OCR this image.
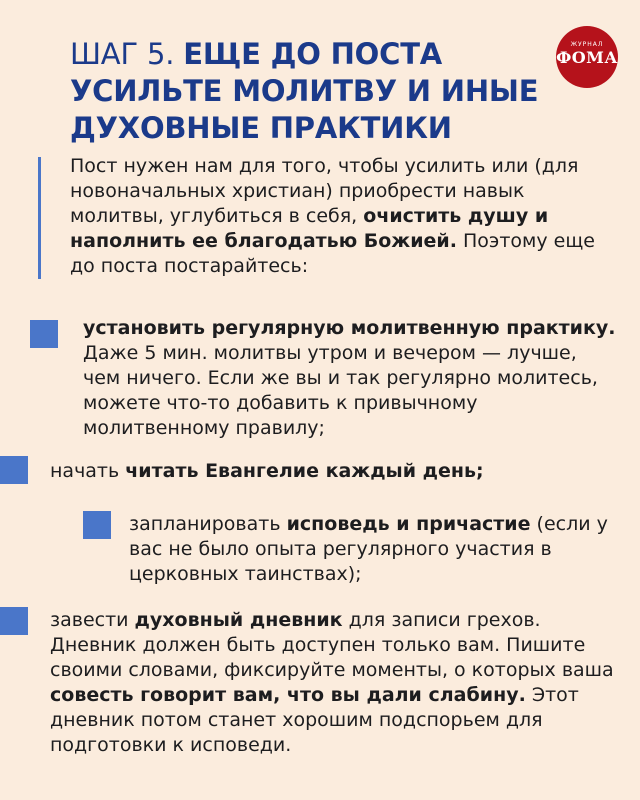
ШАГ 5. ЕЩЕ ДО ПОСТА УСИЛЬТЕ МОЛИТВУ И ИНЫЕ ДУХОВНЫЕ ПРАКТИКИ
ЖУРНАЛ
ФОМА

Пост нужен нам для того, чтобы усилить или (для новоначальных христиан) приобрести навык молитвы, углубиться в себя, очистить душу и наполнить ее благодатью Божией. Поэтому еще до поста постарайтесь:

установить регулярную молитвенную практику. Даже 5 мин. молитвы утром и вечером — лучше, чем ничего. Если же вы и так регулярно молитесь, можете что-то добавить к привычному молитвенному правилу;

начать читать Евангелие каждый день;

запланировать исповедь и причастие (если у вас не было опыта регулярного участия в церковных таинствах);

завести духовный дневник для записи грехов. Дневник должен быть доступен только вам. Пишите своими словами, фиксируйте моменты, о которых ваша совесть говорит вам, что вы дали слабину. Этот дневник потом станет хорошим подспорьем для подготовки к исповеди.
